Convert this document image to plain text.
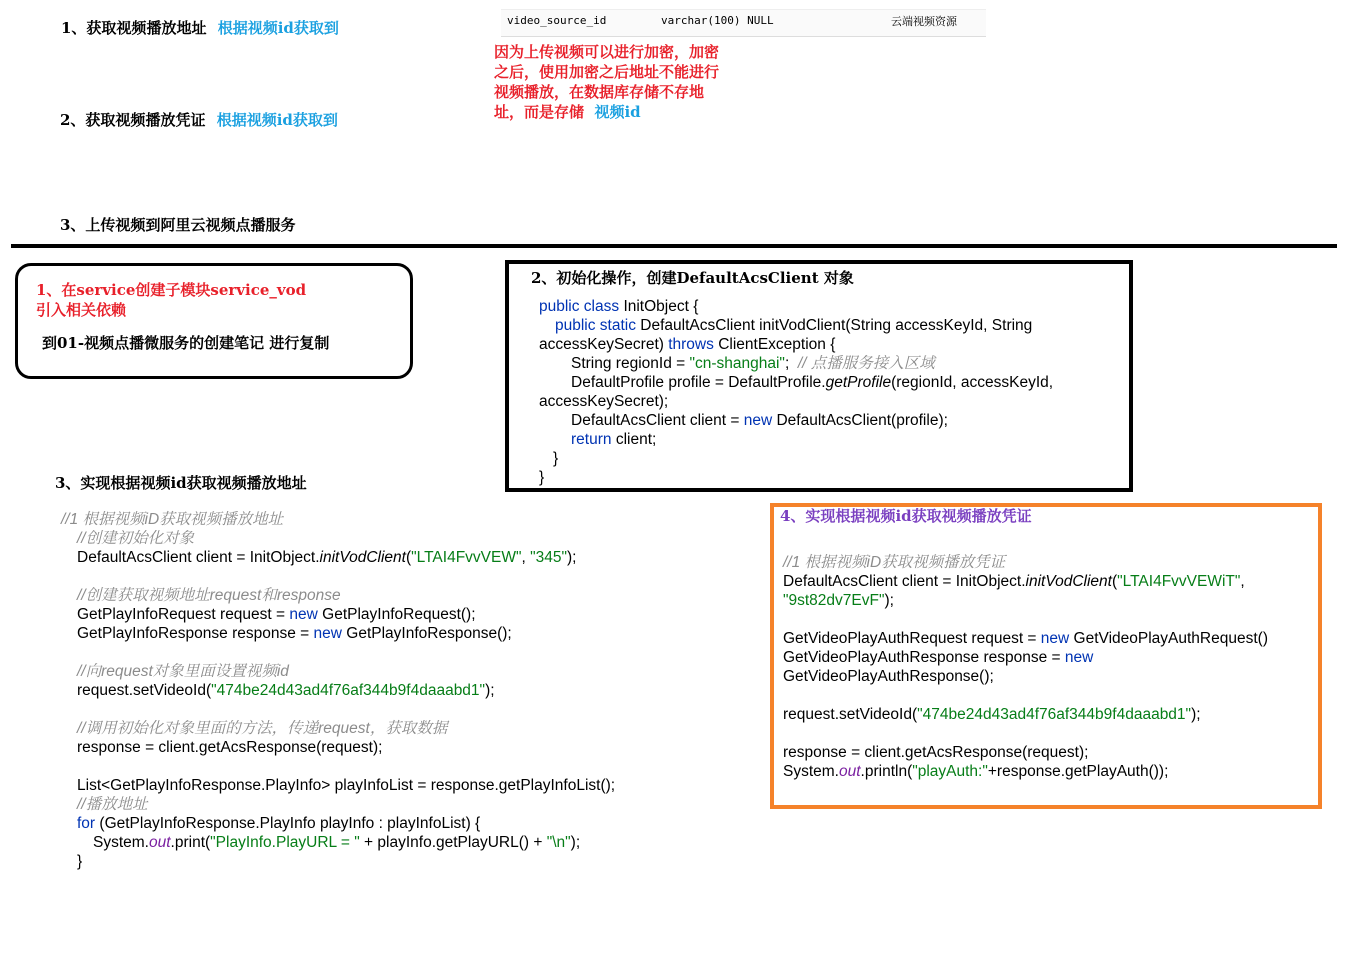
1、获取视频播放地址 根据视频id获取到
2、获取视频播放凭证 根据视频id获取到
3、上传视频到阿里云视频点播服务
video_source_id	varchar(100) NULL	云端视频资源
因为上传视频可以进行加密，加密
之后，使用加密之后地址不能进行
视频播放，在数据库存储不存地
址，而是存储 视频id
1、在service创建子模块service_vod
引入相关依赖
到01-视频点播微服务的创建笔记 进行复制
2、初始化操作，创建DefaultAcsClient 对象
public class InitObject {
public static DefaultAcsClient initVodClient(String accessKeyId, String
accessKeySecret) throws ClientException {
String regionId = "cn-shanghai";  // 点播服务接入区域
DefaultProfile profile = DefaultProfile.getProfile(regionId, accessKeyId,
accessKeySecret);
DefaultAcsClient client = new DefaultAcsClient(profile);
return client;
}
}
3、实现根据视频id获取视频播放地址
//1 根据视频iD获取视频播放地址
//创建初始化对象
DefaultAcsClient client = InitObject.initVodClient("LTAI4FvvVEW", "345");

//创建获取视频地址request和response
GetPlayInfoRequest request = new GetPlayInfoRequest();
GetPlayInfoResponse response = new GetPlayInfoResponse();

//向request对象里面设置视频id
request.setVideoId("474be24d43ad4f76af344b9f4daaabd1");

//调用初始化对象里面的方法，传递request，获取数据
response = client.getAcsResponse(request);

List<GetPlayInfoResponse.PlayInfo> playInfoList = response.getPlayInfoList();
//播放地址
for (GetPlayInfoResponse.PlayInfo playInfo : playInfoList) {
System.out.print("PlayInfo.PlayURL = " + playInfo.getPlayURL() + "\n");
}
4、实现根据视频id获取视频播放凭证
//1 根据视频iD获取视频播放凭证
DefaultAcsClient client = InitObject.initVodClient("LTAI4FvvVEWiT",
"9st82dv7EvF");

GetVideoPlayAuthRequest request = new GetVideoPlayAuthRequest()
GetVideoPlayAuthResponse response = new
GetVideoPlayAuthResponse();

request.setVideoId("474be24d43ad4f76af344b9f4daaabd1");

response = client.getAcsResponse(request);
System.out.println("playAuth:"+response.getPlayAuth());
